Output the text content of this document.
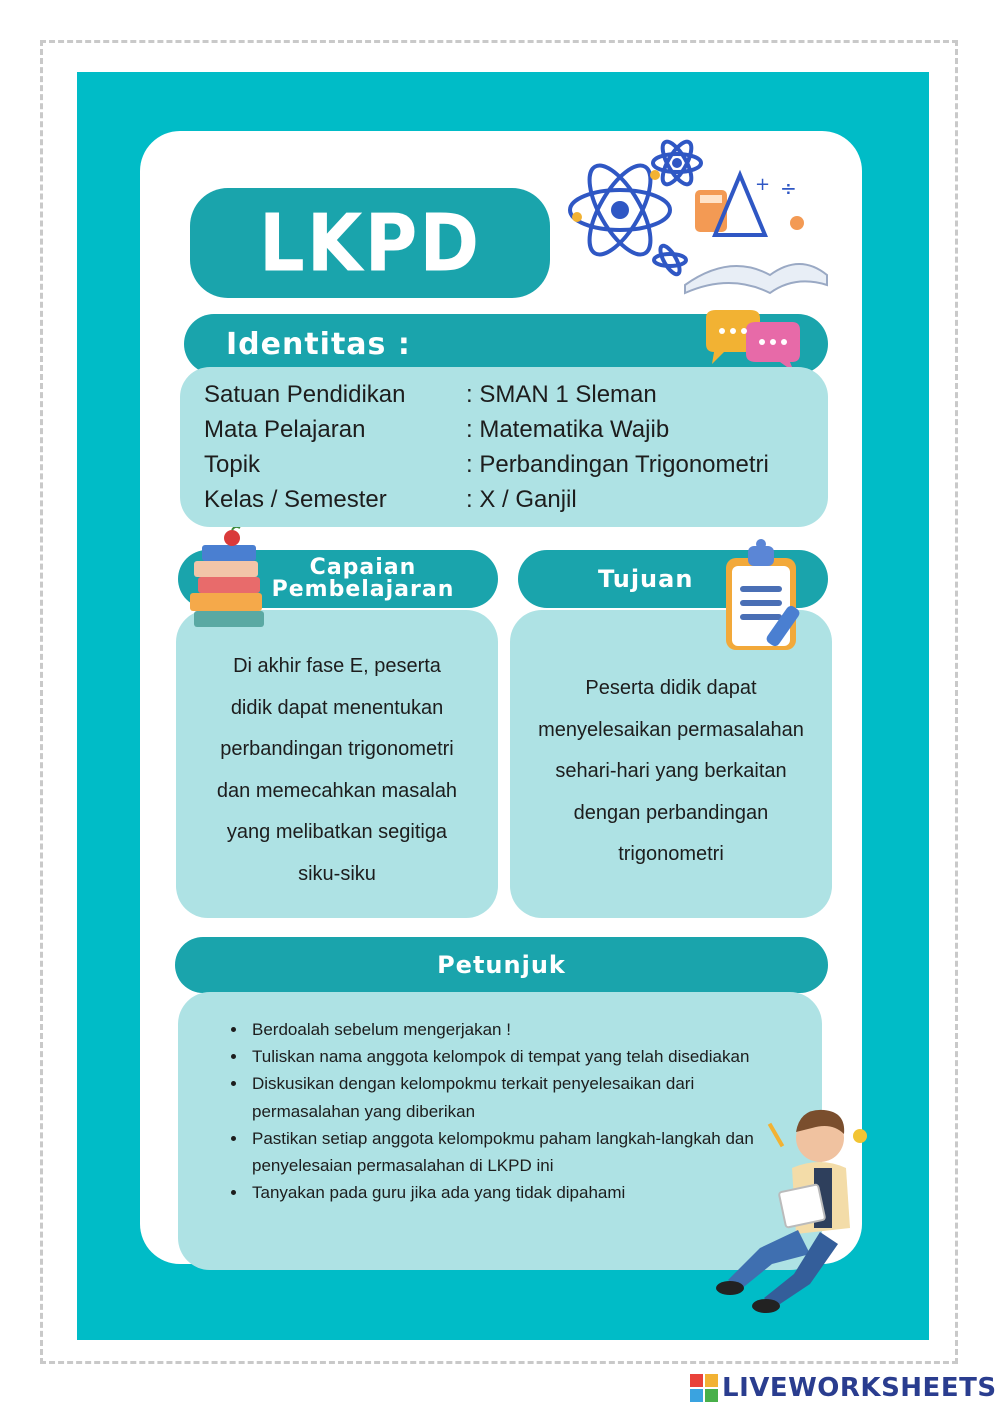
LKPD
÷
+
Identitas :
Satuan Pendidikan	: SMAN 1 Sleman
Mata Pelajaran	: Matematika Wajib
Topik	: Perbandingan Trigonometri
Kelas / Semester	: X / Ganjil
Capaian
Pembelajaran
Di akhir fase E, peserta
didik dapat menentukan
perbandingan trigonometri
dan memecahkan masalah
yang melibatkan segitiga
siku-siku
Tujuan
Peserta didik dapat
menyelesaikan permasalahan
sehari-hari yang berkaitan
dengan perbandingan
trigonometri
Petunjuk
• Berdoalah sebelum mengerjakan !
• Tuliskan nama anggota kelompok di tempat yang telah disediakan
• Diskusikan dengan kelompokmu terkait penyelesaikan dari permasalahan yang diberikan
• Pastikan setiap anggota kelompokmu paham langkah-langkah dan penyelesaian permasalahan di LKPD ini
• Tanyakan pada guru jika ada yang tidak dipahami
LIVEWORKSHEETS
